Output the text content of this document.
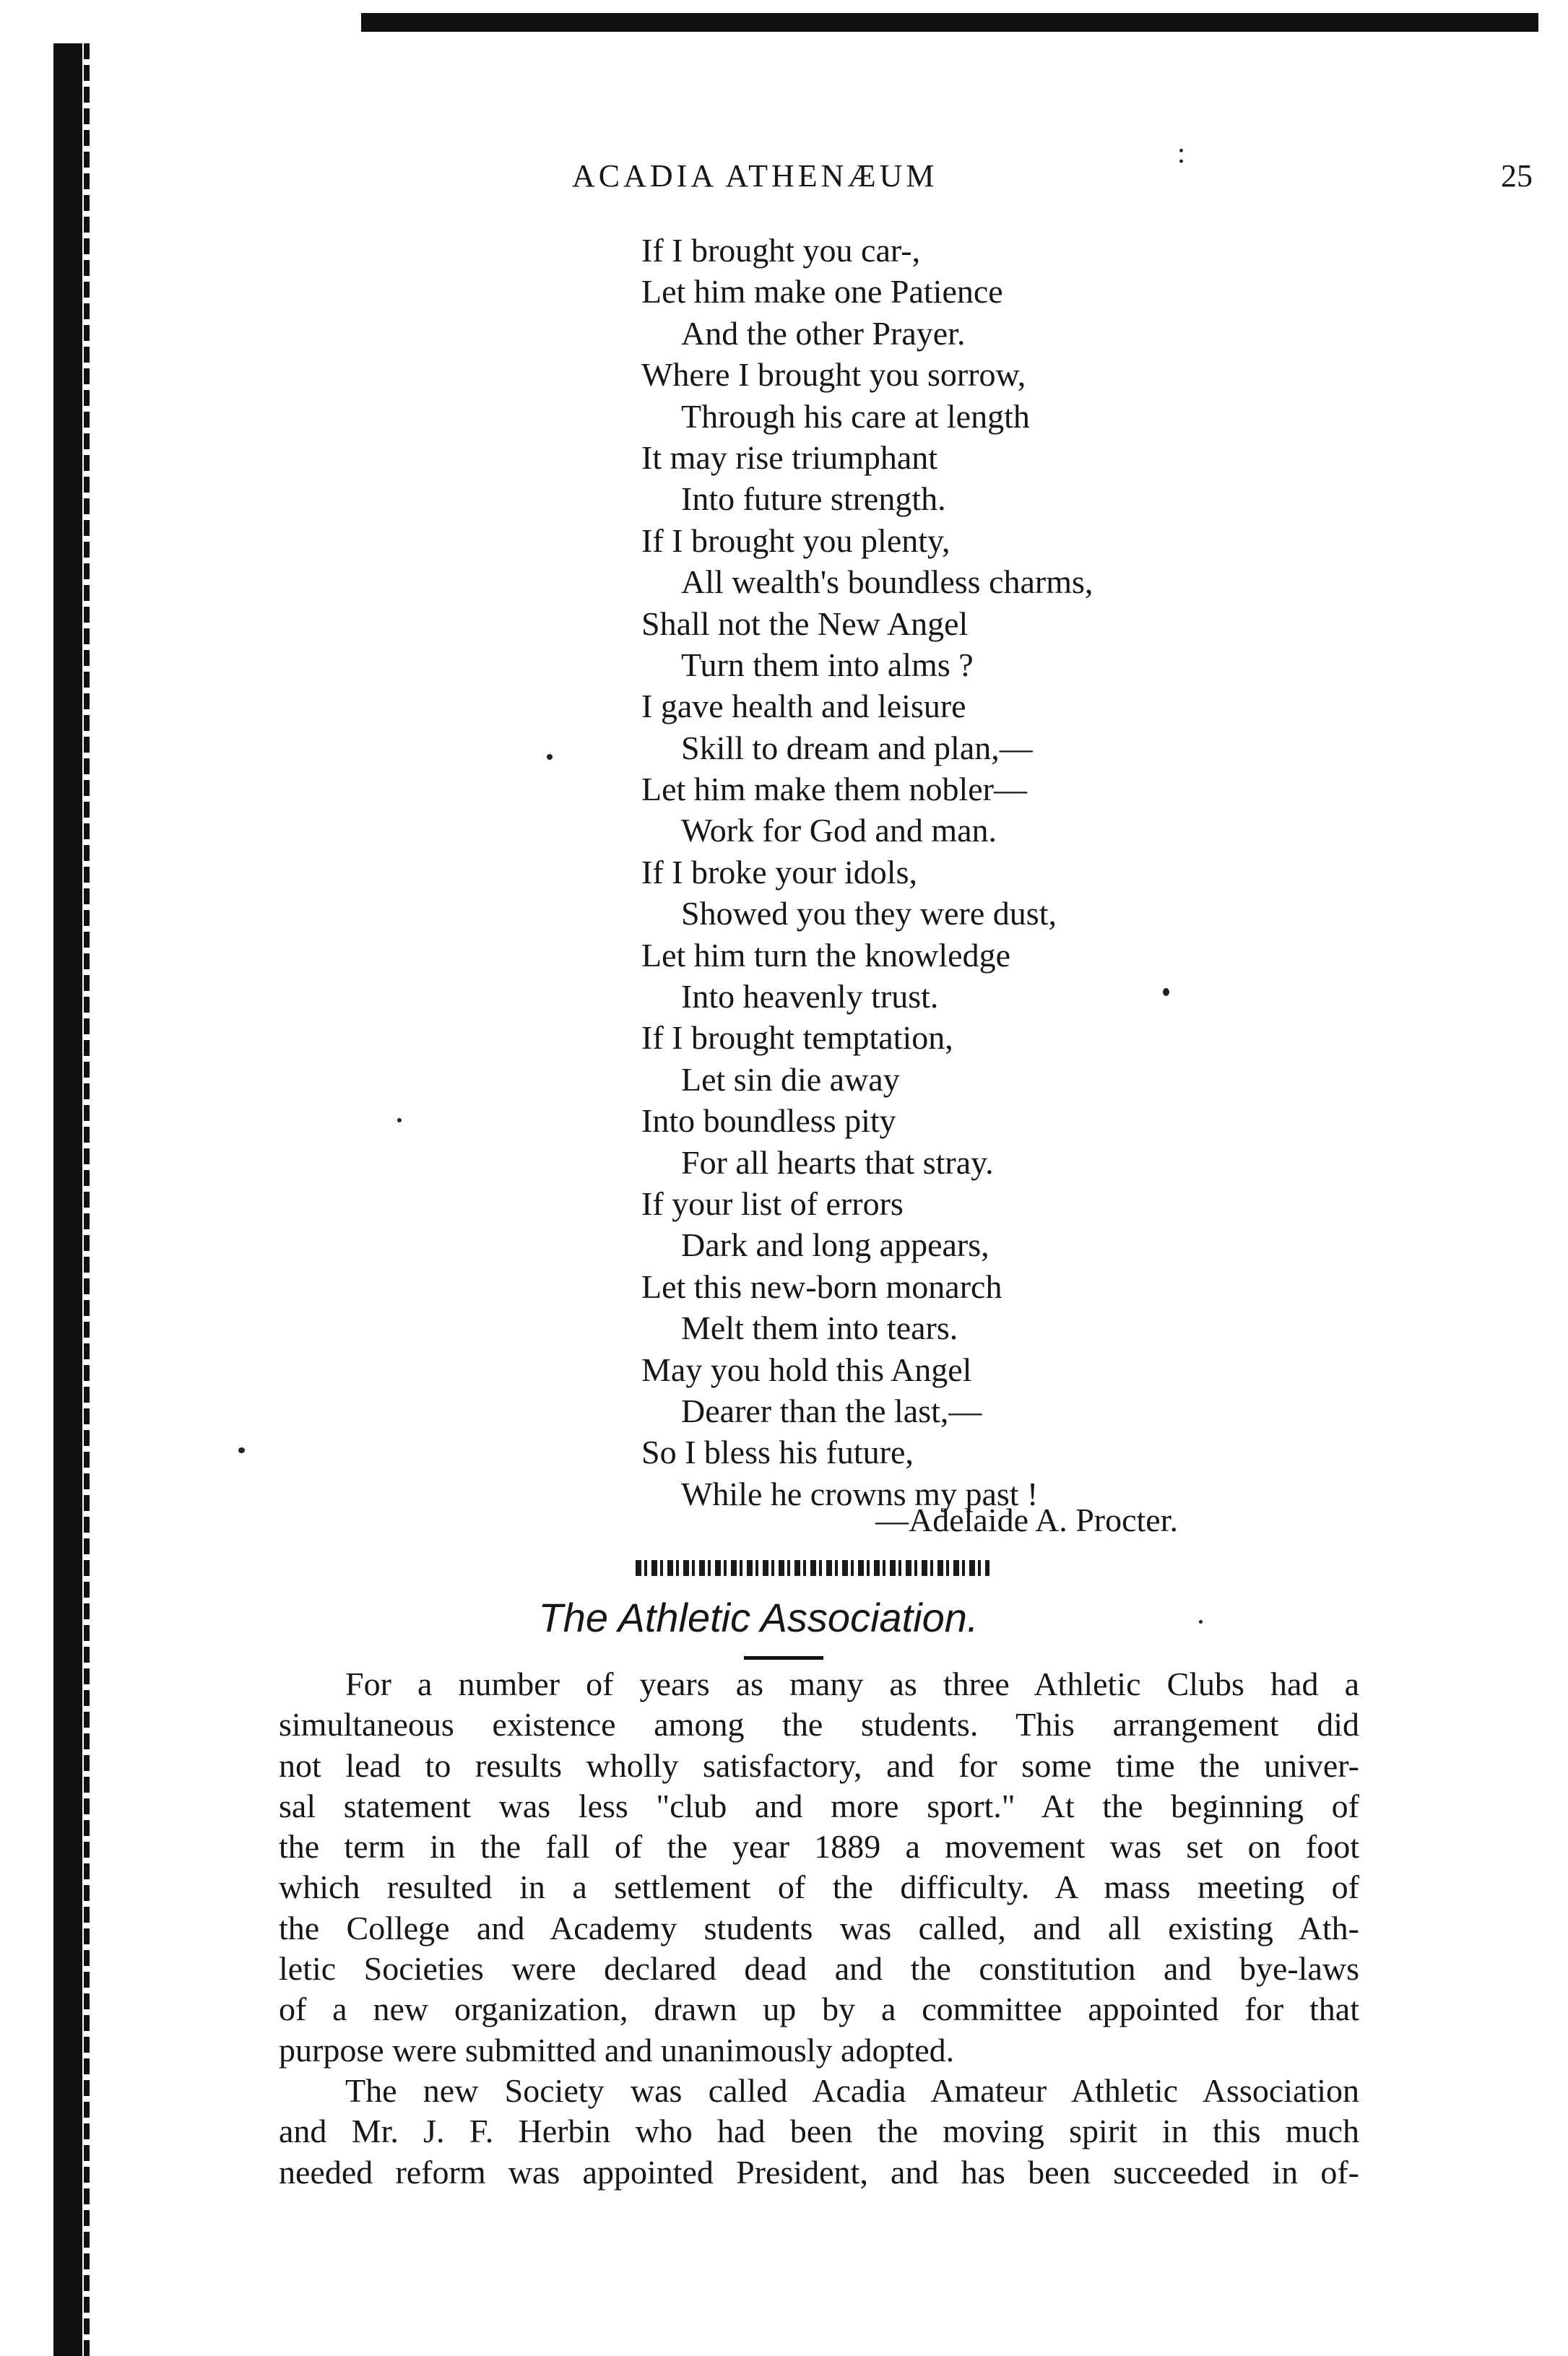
ACADIA ATHENÆUM
:
25
If I brought you car-,
Let him make one Patience
And the other Prayer.
Where I brought you sorrow,
Through his care at length
It may rise triumphant
Into future strength.
If I brought you plenty,
All wealth's boundless charms,
Shall not the New Angel
Turn them into alms ?
I gave health and leisure
Skill to dream and plan,—
Let him make them nobler—
Work for God and man.
If I broke your idols,
Showed you they were dust,
Let him turn the knowledge
Into heavenly trust.
If I brought temptation,
Let sin die away
Into boundless pity
For all hearts that stray.
If your list of errors
Dark and long appears,
Let this new-born monarch
Melt them into tears.
May you hold this Angel
Dearer than the last,—
So I bless his future,
While he crowns my past !
—Adelaide A. Procter.
The Athletic Association.
For a number of years as many as three Athletic Clubs had a
simultaneous existence among the students. This arrangement did
not lead to results wholly satisfactory, and for some time the univer-
sal statement was less "club and more sport." At the beginning of
the term in the fall of the year 1889 a movement was set on foot
which resulted in a settlement of the difficulty. A mass meeting of
the College and Academy students was called, and all existing Ath-
letic Societies were declared dead and the constitution and bye-laws
of a new organization, drawn up by a committee appointed for that
purpose were submitted and unanimously adopted.
The new Society was called Acadia Amateur Athletic Association
and Mr. J. F. Herbin who had been the moving spirit in this much
needed reform was appointed President, and has been succeeded in of-
